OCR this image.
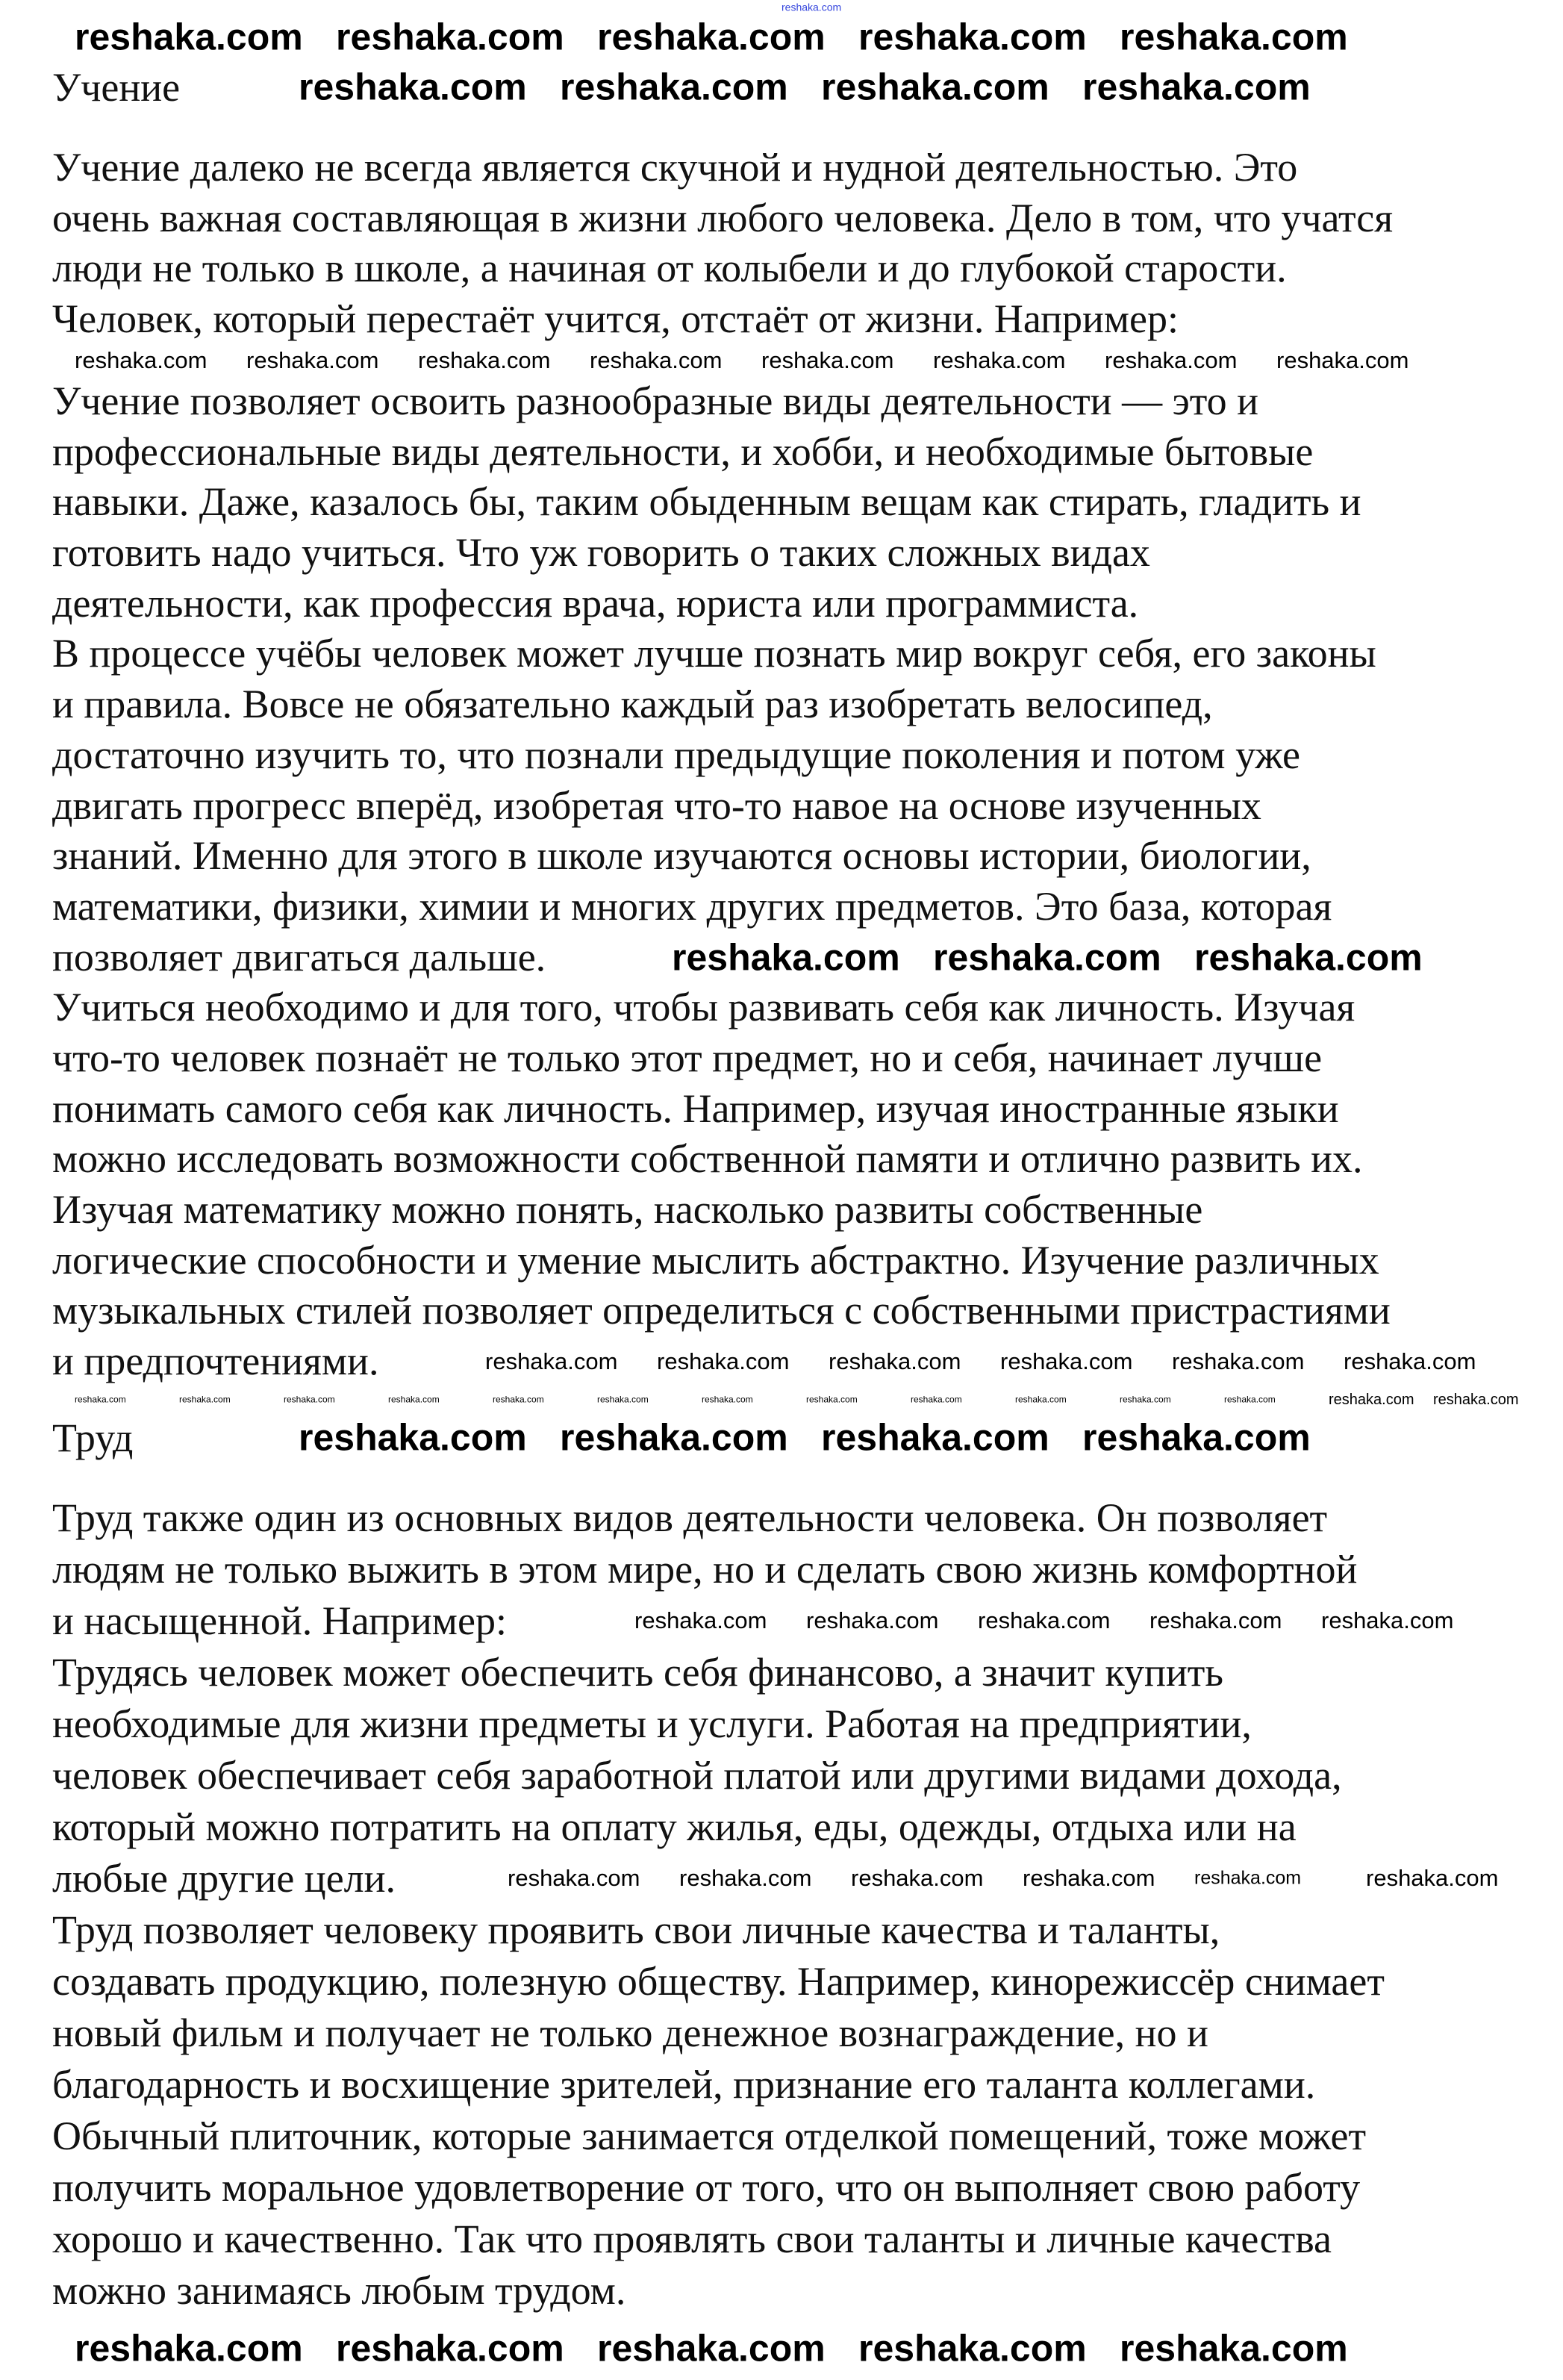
Учение
Учение далеко не всегда является скучной и нудной деятельностью. Это
очень важная составляющая в жизни любого человека. Дело в том, что учатся
люди не только в школе, а начиная от колыбели и до глубокой старости.
Человек, который перестаёт учится, отстаёт от жизни. Например:
Учение позволяет освоить разнообразные виды деятельности — это и
профессиональные виды деятельности, и хобби, и необходимые бытовые
навыки. Даже, казалось бы, таким обыденным вещам как стирать, гладить и
готовить надо учиться. Что уж говорить о таких сложных видах
деятельности, как профессия врача, юриста или программиста.
В процессе учёбы человек может лучше познать мир вокруг себя, его законы
и правила. Вовсе не обязательно каждый раз изобретать велосипед,
достаточно изучить то, что познали предыдущие поколения и потом уже
двигать прогресс вперёд, изобретая что-то навое на основе изученных
знаний. Именно для этого в школе изучаются основы истории, биологии,
математики, физики, химии и многих других предметов. Это база, которая
позволяет двигаться дальше.
Учиться необходимо и для того, чтобы развивать себя как личность. Изучая
что-то человек познаёт не только этот предмет, но и себя, начинает лучше
понимать самого себя как личность. Например, изучая иностранные языки
можно исследовать возможности собственной памяти и отлично развить их.
Изучая математику можно понять, насколько развиты собственные
логические способности и умение мыслить абстрактно. Изучение различных
музыкальных стилей позволяет определиться с собственными пристрастиями
и предпочтениями.
Труд
Труд также один из основных видов деятельности человека. Он позволяет
людям не только выжить в этом мире, но и сделать свою жизнь комфортной
и насыщенной. Например:
Трудясь человек может обеспечить себя финансово, а значит купить
необходимые для жизни предметы и услуги. Работая на предприятии,
человек обеспечивает себя заработной платой или другими видами дохода,
который можно потратить на оплату жилья, еды, одежды, отдыха или на
любые другие цели.
Труд позволяет человеку проявить свои личные качества и таланты,
создавать продукцию, полезную обществу. Например, кинорежиссёр снимает
новый фильм и получает не только денежное вознаграждение, но и
благодарность и восхищение зрителей, признание его таланта коллегами.
Обычный плиточник, которые занимается отделкой помещений, тоже может
получить моральное удовлетворение от того, что он выполняет свою работу
хорошо и качественно. Так что проявлять свои таланты и личные качества
можно занимаясь любым трудом.
reshaka.com
reshaka.com reshaka.com reshaka.com reshaka.com reshaka.com
reshaka.com reshaka.com reshaka.com reshaka.com
reshaka.com reshaka.com reshaka.com
reshaka.com reshaka.com reshaka.com reshaka.com
reshaka.com reshaka.com reshaka.com reshaka.com reshaka.com
reshaka.com reshaka.com reshaka.com reshaka.com reshaka.com reshaka.com reshaka.com reshaka.com
reshaka.com reshaka.com reshaka.com reshaka.com reshaka.com reshaka.com
reshaka.com reshaka.com reshaka.com reshaka.com reshaka.com
reshaka.com reshaka.com reshaka.com reshaka.com reshaka.com	reshaka.com
reshaka.com	reshaka.com	reshaka.com	reshaka.com	reshaka.com	reshaka.com	reshaka.com	reshaka.com	reshaka.com	reshaka.com	reshaka.com	reshaka.com	reshaka.com reshaka.com
